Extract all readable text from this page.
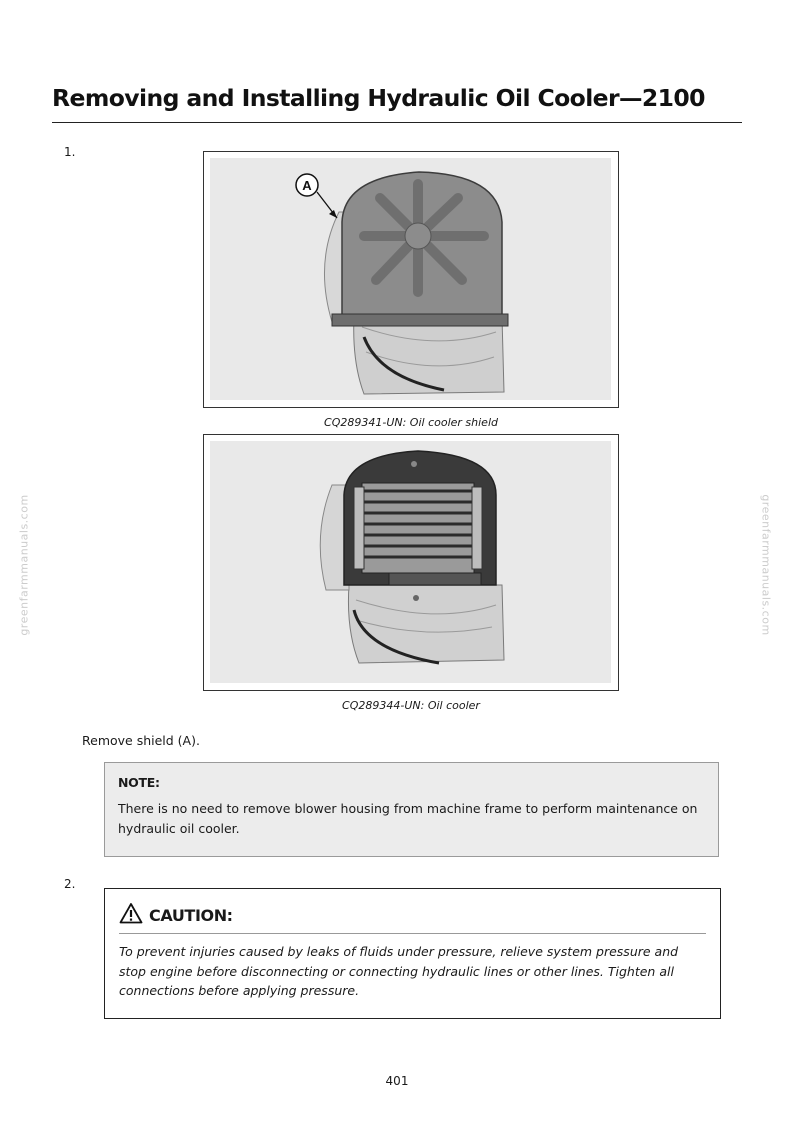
Removing and Installing Hydraulic Oil Cooler—2100
1.
A
CQ289341-UN: Oil cooler shield
CQ289344-UN: Oil cooler
Remove shield (A).
NOTE:
There is no need to remove blower housing from machine frame to perform maintenance on hydraulic oil cooler.
2.
CAUTION:
To prevent injuries caused by leaks of fluids under pressure, relieve system pressure and stop engine before disconnecting or connecting hydraulic lines or other lines. Tighten all connections before applying pressure.
greenfarmmanuals.com	greenfarmmanuals.com
401
